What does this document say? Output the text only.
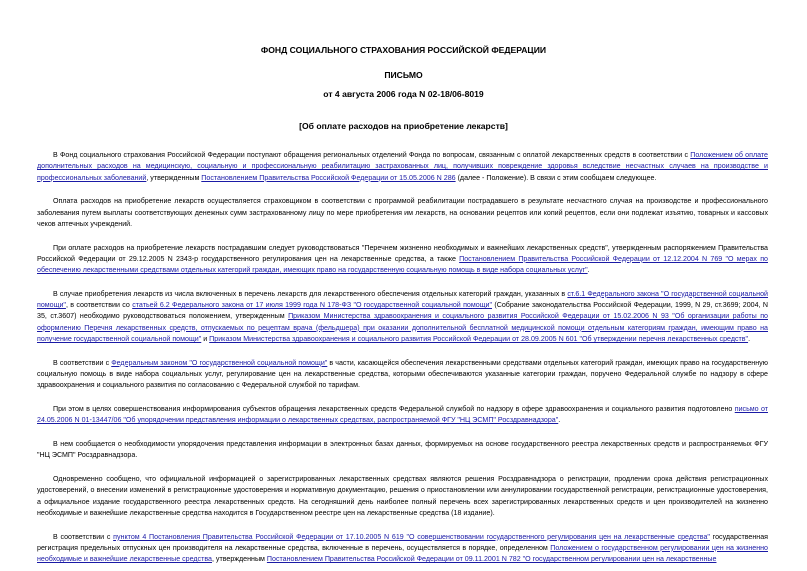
ФОНД СОЦИАЛЬНОГО СТРАХОВАНИЯ РОССИЙСКОЙ ФЕДЕРАЦИИ
ПИСЬМО
от 4 августа 2006 года N 02-18/06-8019
[Об оплате расходов на приобретение лекарств]

В Фонд социального страхования Российской Федерации поступают обращения региональных отделений Фонда по вопросам, связанным с оплатой лекарственных средств в соответствии с Положением об оплате дополнительных расходов на медицинскую, социальную и профессиональную реабилитацию застрахованных лиц, получивших повреждение здоровья вследствие несчастных случаев на производстве и профессиональных заболеваний, утвержденным Постановлением Правительства Российской Федерации от 15.05.2006 N 286 (далее - Положение). В связи с этим сообщаем следующее.

Оплата расходов на приобретение лекарств осуществляется страховщиком в соответствии с программой реабилитации пострадавшего в результате несчастного случая на производстве и профессионального заболевания путем выплаты соответствующих денежных сумм застрахованному лицу по мере приобретения им лекарств, на основании рецептов или копий рецептов, если они подлежат изъятию, товарных и кассовых чеков аптечных учреждений.

При оплате расходов на приобретение лекарств пострадавшим следует руководствоваться "Перечнем жизненно необходимых и важнейших лекарственных средств", утвержденным распоряжением Правительства Российской Федерации от 29.12.2005 N 2343-р государственного регулирования цен на лекарственные средства, а также Постановлением Правительства Российской Федерации от 12.12.2004 N 769 "О мерах по обеспечению лекарственными средствами отдельных категорий граждан, имеющих право на государственную социальную помощь в виде набора социальных услуг".

В случае приобретения лекарств из числа включенных в перечень лекарств для лекарственного обеспечения отдельных категорий граждан, указанных в ст.6.1 Федерального закона "О государственной социальной помощи", в соответствии со статьей 6.2 Федерального закона от 17 июля 1999 года N 178-ФЗ "О государственной социальной помощи" (Собрание законодательства Российской Федерации, 1999, N 29, ст.3699; 2004, N 35, ст.3607) необходимо руководствоваться положением, утвержденным Приказом Министерства здравоохранения и социального развития Российской Федерации от 15.02.2006 N 93 "Об организации работы по оформлению Перечня лекарственных средств, отпускаемых по рецептам врача (фельдшера) при оказании дополнительной бесплатной медицинской помощи отдельным категориям граждан, имеющим право на получение государственной социальной помощи" и Приказом Министерства здравоохранения и социального развития Российской Федерации от 28.09.2005 N 601 "Об утверждении перечня лекарственных средств".

В соответствии с Федеральным законом "О государственной социальной помощи" в части, касающейся обеспечения лекарственными средствами отдельных категорий граждан, имеющих право на государственную социальную помощь в виде набора социальных услуг, регулирование цен на лекарственные средства, которыми обеспечиваются указанные категории граждан, поручено Федеральной службе по надзору в сфере здравоохранения и социального развития по согласованию с Федеральной службой по тарифам.

При этом в целях совершенствования информирования субъектов обращения лекарственных средств Федеральной службой по надзору в сфере здравоохранения и социального развития подготовлено письмо от 24.05.2006 N 01-13447/06 "Об упорядочении представления информации о лекарственных средствах, распространяемой ФГУ "НЦ ЭСМП" Росздравнадзора".

В нем сообщается о необходимости упорядочения представления информации в электронных базах данных, формируемых на основе государственного реестра лекарственных средств и распространяемых ФГУ "НЦ ЭСМП" Росздравнадзора.

Одновременно сообщено, что официальной информацией о зарегистрированных лекарственных средствах являются решения Росздравнадзора о регистрации, продлении срока действия регистрационных удостоверений, о внесении изменений в регистрационные удостоверения и нормативную документацию, решения о приостановлении или аннулировании государственной регистрации, регистрационные удостоверения, а официальное издание государственного реестра лекарственных средств. На сегодняшний день наиболее полный перечень всех зарегистрированных лекарственных средств и цен производителей на жизненно необходимые и важнейшие лекарственные средства находится в Государственном реестре цен на лекарственные средства (18 издание).

В соответствии с пунктом 4 Постановления Правительства Российской Федерации от 17.10.2005 N 619 "О совершенствовании государственного регулирования цен на лекарственные средства" государственная регистрация предельных отпускных цен производителя на лекарственные средства, включенные в перечень, осуществляется в порядке, определенном Положением о государственном регулировании цен на жизненно необходимые и важнейшие лекарственные средства, утвержденным Постановлением Правительства Российской Федерации от 09.11.2001 N 782 "О государственном регулировании цен на лекарственные
